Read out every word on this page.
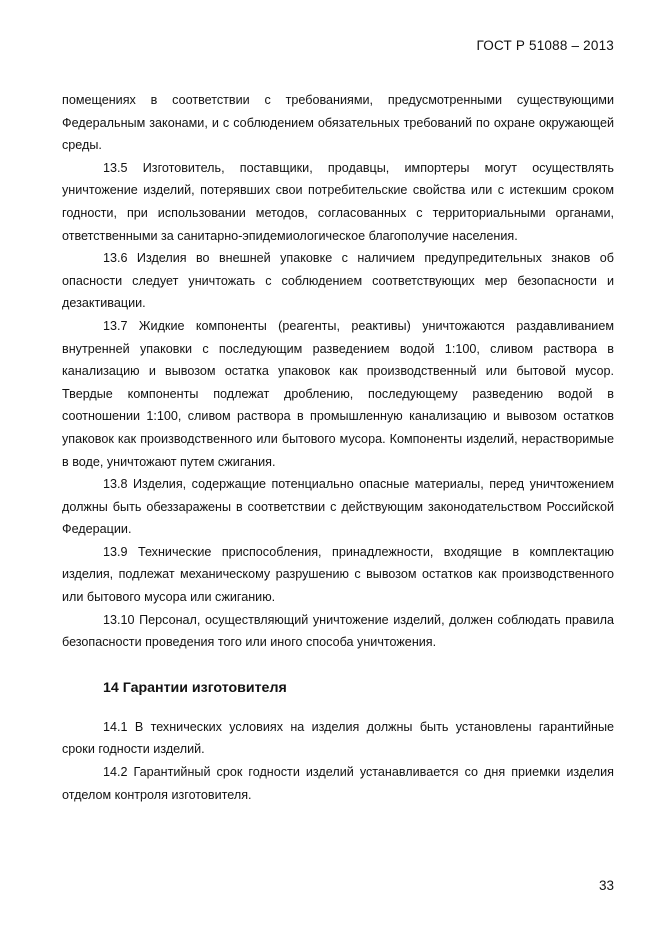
ГОСТ Р 51088 – 2013

помещениях в соответствии с требованиями, предусмотренными существующими Федеральным законами, и с соблюдением обязательных требований по охране окружающей среды.

13.5 Изготовитель, поставщики, продавцы, импортеры могут осуществлять уничтожение изделий, потерявших свои потребительские свойства или с истекшим сроком годности, при использовании методов, согласованных с территориальными органами, ответственными за санитарно-эпидемиологическое благополучие населения.

13.6 Изделия во внешней упаковке с наличием предупредительных знаков об опасности следует уничтожать с соблюдением соответствующих мер безопасности и дезактивации.

13.7 Жидкие компоненты (реагенты, реактивы) уничтожаются раздавливанием внутренней упаковки с последующим разведением водой 1:100, сливом раствора в канализацию и вывозом остатка упаковок как производственный или бытовой мусор. Твердые компоненты подлежат дроблению, последующему разведению водой в соотношении 1:100, сливом раствора в промышленную канализацию и вывозом остатков упаковок как производственного или бытового мусора. Компоненты изделий, нерастворимые в воде, уничтожают путем сжигания.

13.8 Изделия, содержащие потенциально опасные материалы, перед уничтожением должны быть обеззаражены в соответствии с действующим законодательством Российской Федерации.

13.9 Технические приспособления, принадлежности, входящие в комплектацию изделия, подлежат механическому разрушению с вывозом остатков как производственного или бытового мусора или сжиганию.

13.10 Персонал, осуществляющий уничтожение изделий, должен соблюдать правила безопасности проведения того или иного способа уничтожения.

14 Гарантии изготовителя

14.1 В технических условиях на изделия должны быть установлены гарантийные сроки годности изделий.

14.2 Гарантийный срок годности изделий устанавливается со дня приемки изделия отделом контроля изготовителя.

33
